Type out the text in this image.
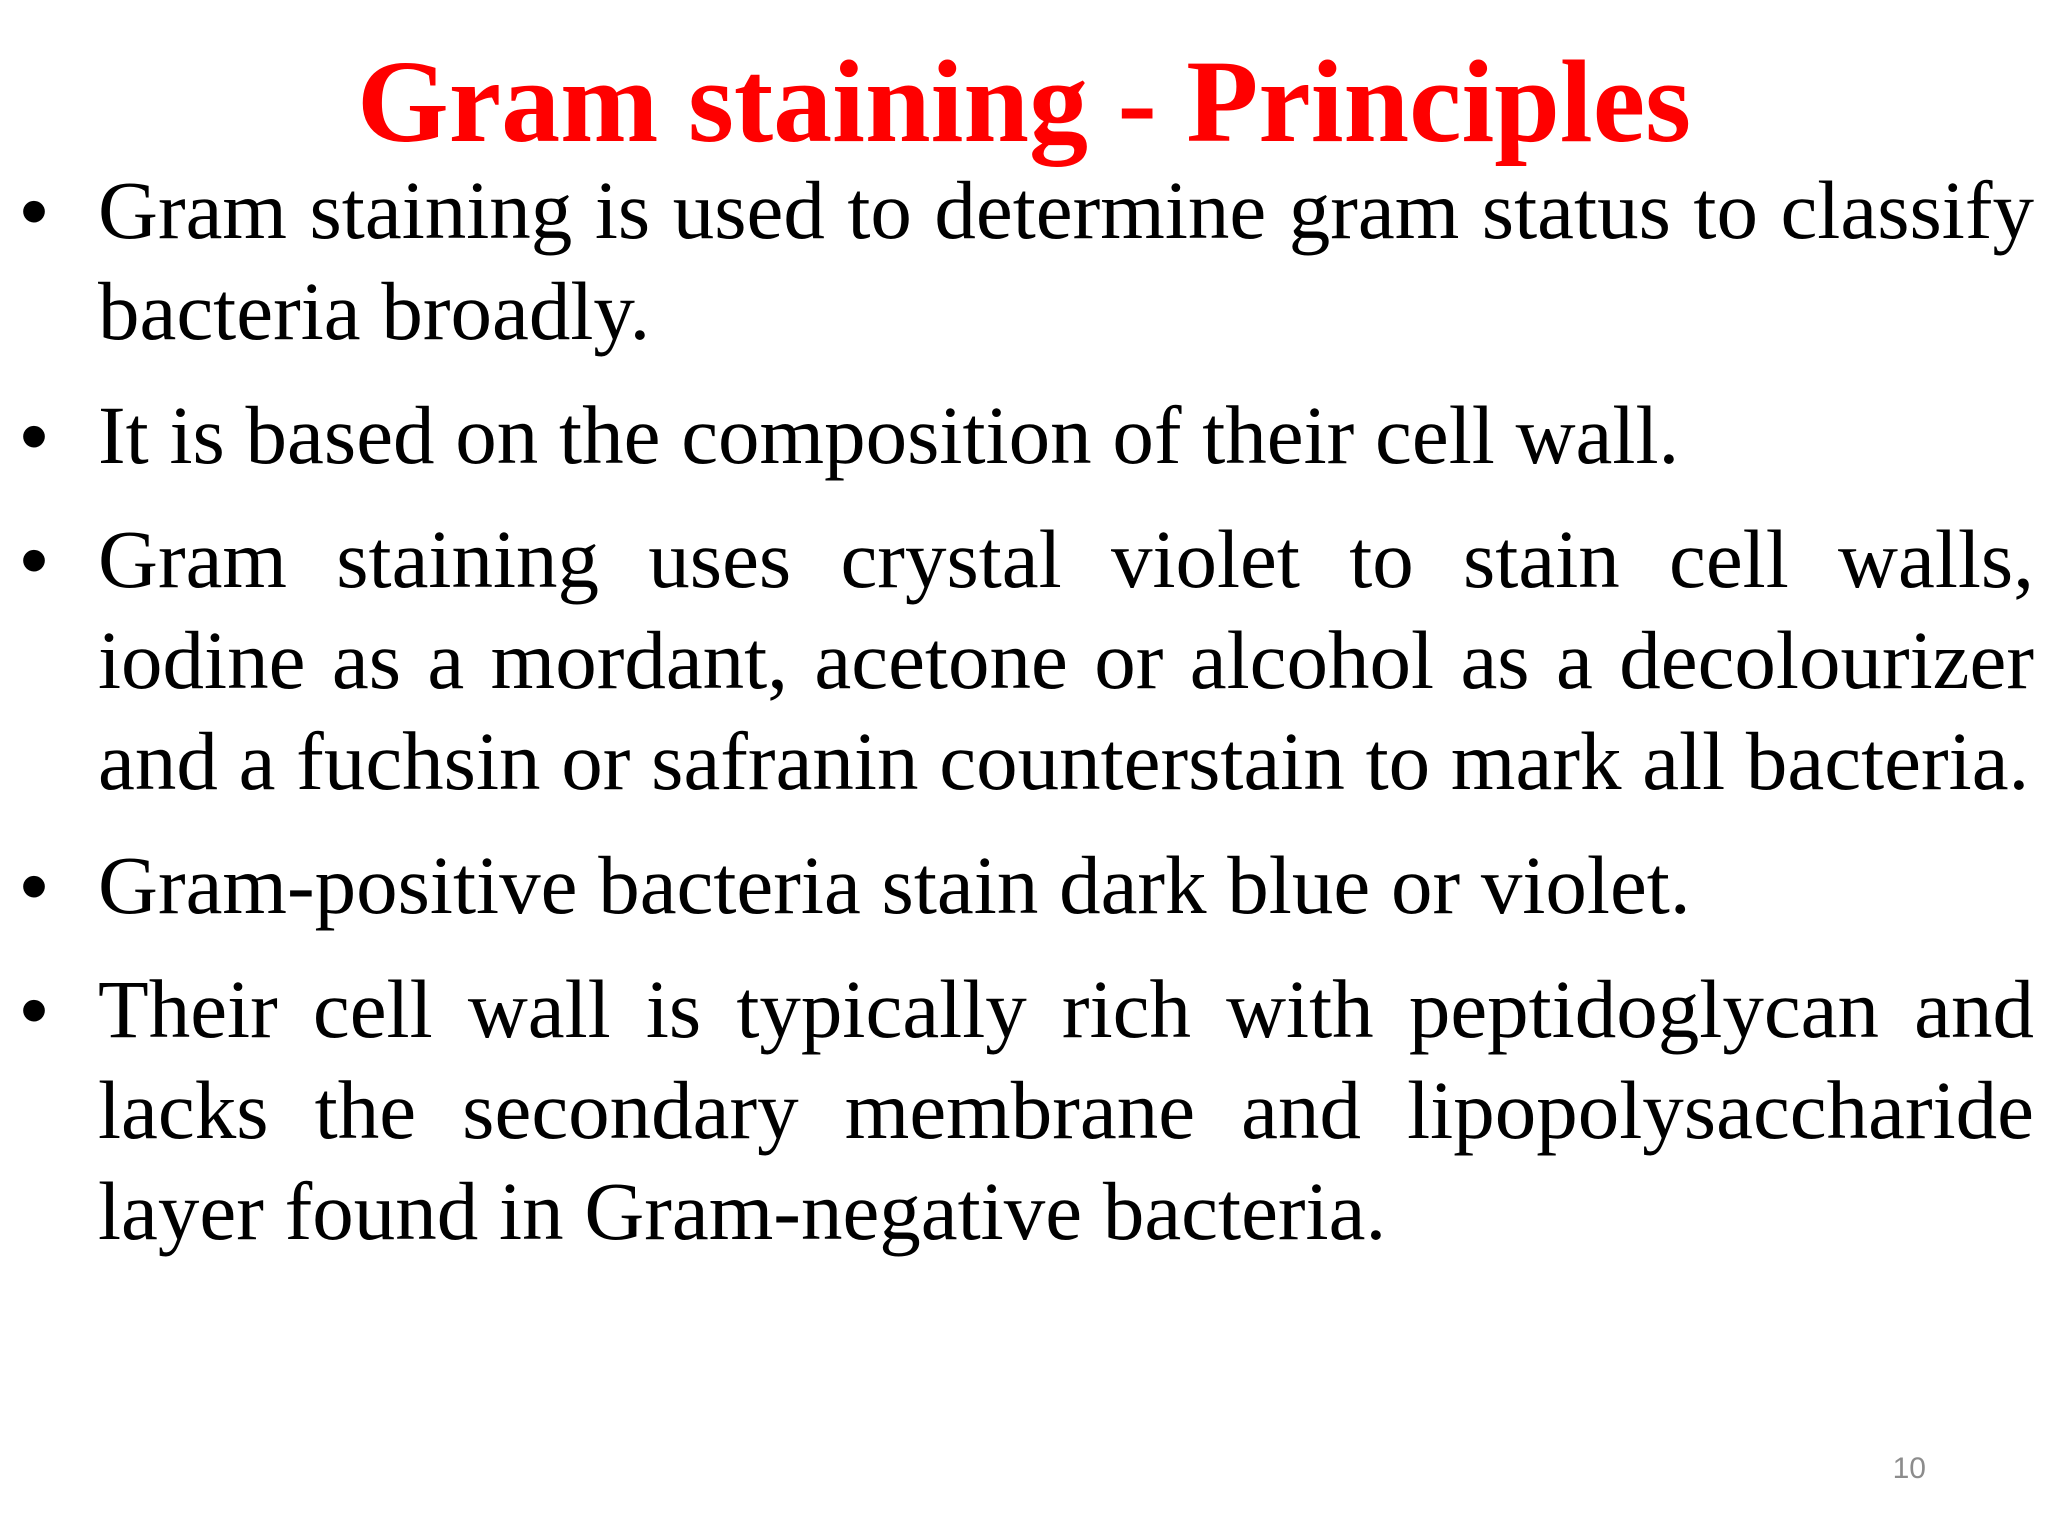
Gram staining - Principles
• Gram staining is used to determine gram status to classify bacteria broadly.
• It is based on the composition of their cell wall.
• Gram staining uses crystal violet to stain cell walls, iodine as a mordant, acetone or alcohol as a decolourizer and a fuchsin or safranin counterstain to mark all bacteria.
• Gram-positive bacteria stain dark blue or violet.
• Their cell wall is typically rich with peptidoglycan and lacks the secondary membrane and lipopolysaccharide layer found in Gram-negative bacteria.
10
